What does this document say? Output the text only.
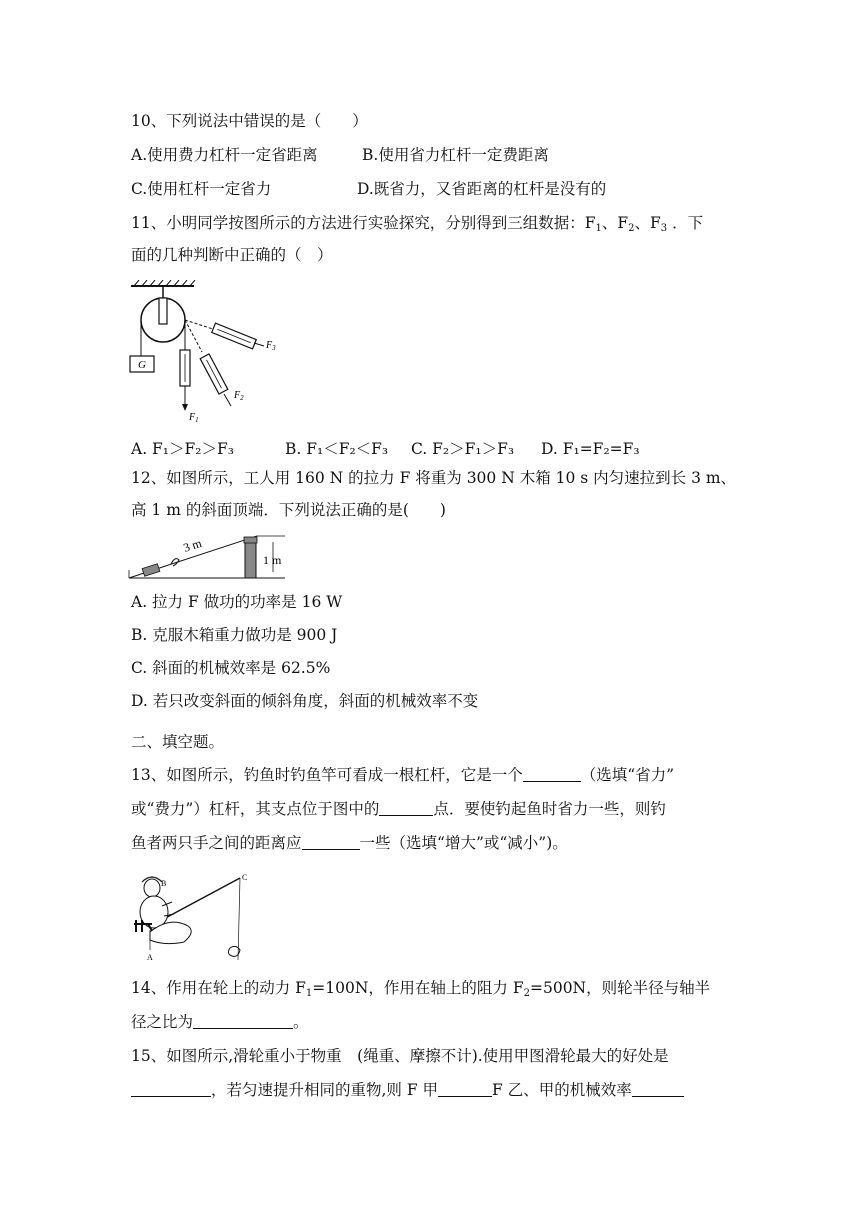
10、下列说法中错误的是（　　）
A.使用费力杠杆一定省距离	B.使用省力杠杆一定费距离
C.使用杠杆一定省力	D.既省力，又省距离的杠杆是没有的
11、小明同学按图所示的方法进行实验探究，分别得到三组数据：$F_1$、$F_2$、$F_3$ ．下
面的几种判断中正确的（　）
G
$F_1$
$F_2$
$F_3$
A. F₁＞F₂＞F₃	B. F₁＜F₂＜F₃ C. F₂＞F₁＞F₃ D. F₁=F₂=F₃
12、如图所示，工人用 160 N 的拉力 F 将重为 300 N 木箱 10 s 内匀速拉到长 3 m、
高 1 m 的斜面顶端．下列说法正确的是(　　)
1 m
3 m
A. 拉力 F 做功的功率是 16 W
B. 克服木箱重力做功是 900 J
C. 斜面的机械效率是 62.5%
D. 若只改变斜面的倾斜角度，斜面的机械效率不变
二、填空题。
13、如图所示，钓鱼时钓鱼竿可看成一根杠杆，它是一个	（选填“省力”
或“费力”）杠杆，其支点位于图中的	点．要使钓起鱼时省力一些，则钓
鱼者两只手之间的距离应	一些（选填“增大”或“减小”)。
C
B
A
14、作用在轮上的动力 $F_1=100N$，作用在轴上的阻力 $F_2=500N$，则轮半径与轴半
径之比为	。
15、如图所示,滑轮重小于物重　(绳重、摩擦不计).使用甲图滑轮最大的好处是
，若匀速提升相同的重物,则 F 甲	F 乙、甲的机械效率
